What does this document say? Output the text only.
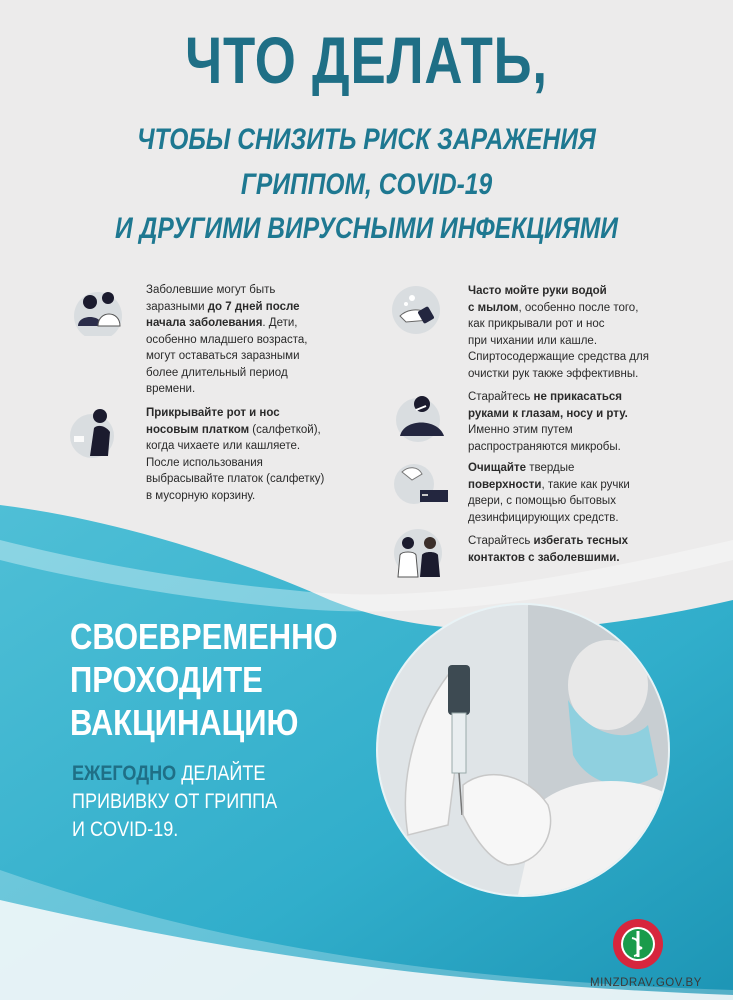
ЧТО ДЕЛАТЬ,
ЧТОБЫ СНИЗИТЬ РИСК ЗАРАЖЕНИЯ
ГРИППОМ, COVID-19
И ДРУГИМИ ВИРУСНЫМИ ИНФЕКЦИЯМИ
Заболевшие могут быть
заразными до 7 дней после
начала заболевания. Дети,
особенно младшего возраста,
могут оставаться заразными
более длительный период
времени.
Прикрывайте рот и нос
носовым платком (салфеткой),
когда чихаете или кашляете.
После использования
выбрасывайте платок (салфетку)
в мусорную корзину.
Часто мойте руки водой
с мылом, особенно после того,
как прикрывали рот и нос
при чихании или кашле.
Спиртосодержащие средства для
очистки рук также эффективны.
Старайтесь не прикасаться
руками к глазам, носу и рту.
Именно этим путем
распространяются микробы.
Очищайте твердые
поверхности, такие как ручки
двери, с помощью бытовых
дезинфицирующих средств.
Старайтесь избегать тесных
контактов с заболевшими.
СВОЕВРЕМЕННО
ПРОХОДИТЕ
ВАКЦИНАЦИЮ
ЕЖЕГОДНО ДЕЛАЙТЕ
ПРИВИВКУ ОТ ГРИППА
И COVID-19.
MINZDRAV.GOV.BY
